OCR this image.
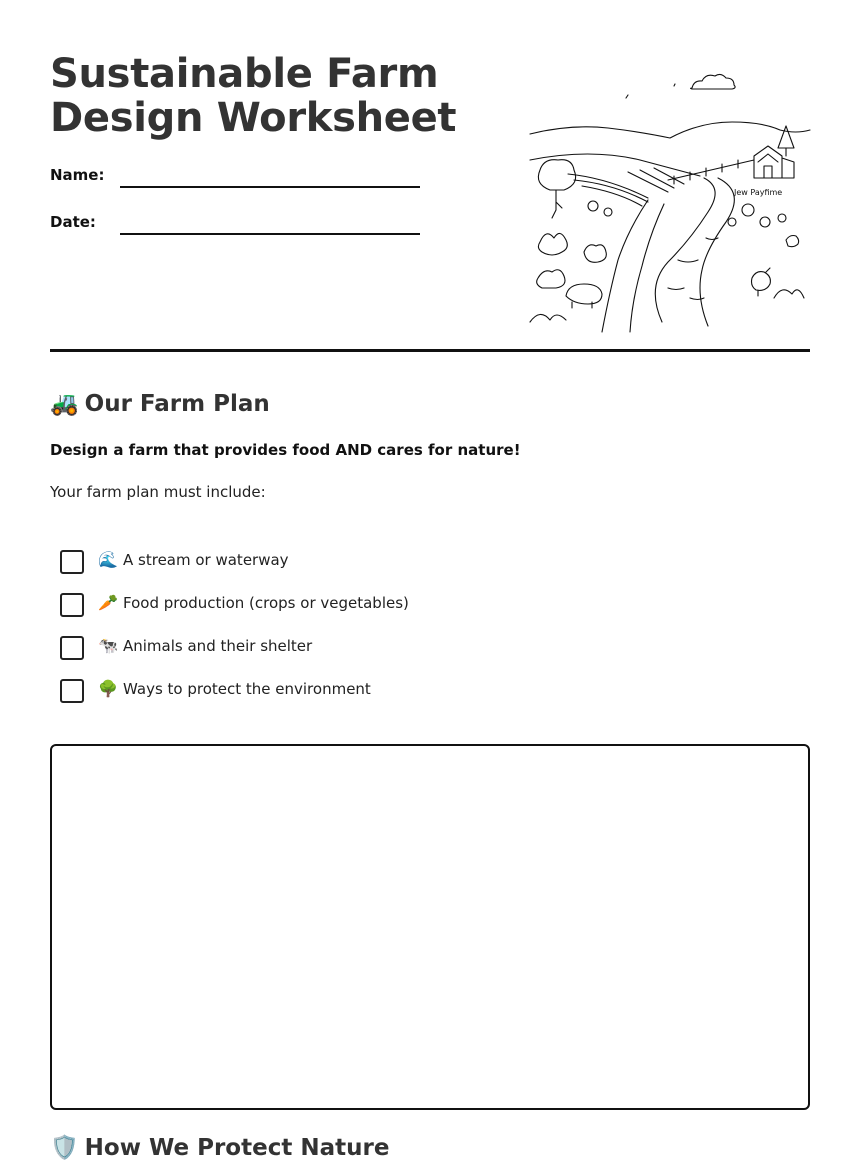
Sustainable Farm
Design Worksheet
Name:
Date:
Jew Payfime
🚜 Our Farm Plan

Design a farm that provides food AND cares for nature!

Your farm plan must include:

🌊 A stream or waterway
🥕 Food production (crops or vegetables)
🐄 Animals and their shelter
🌳 Ways to protect the environment
🛡️ How We Protect Nature
